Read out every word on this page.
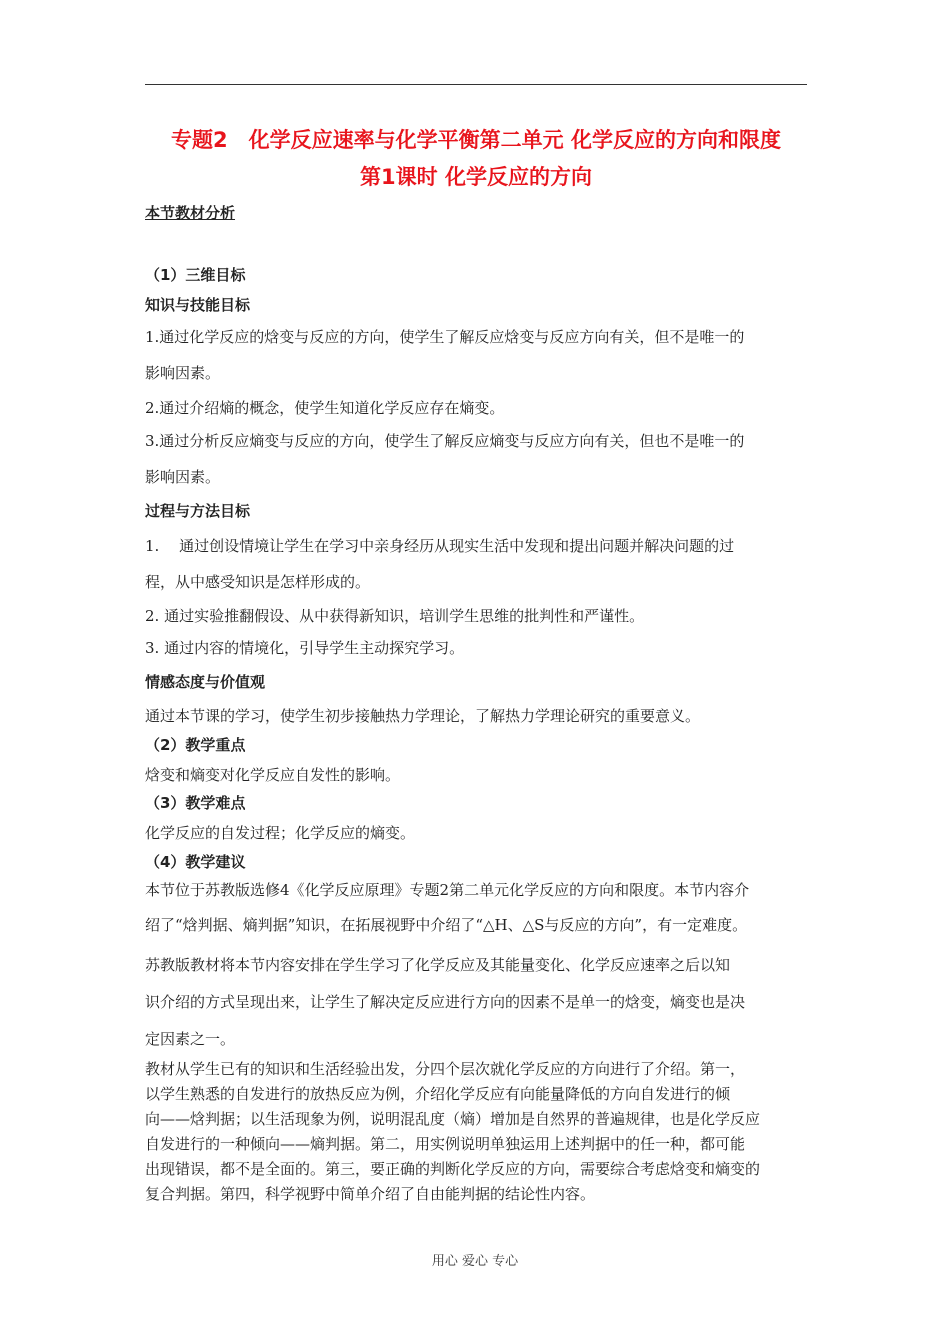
专题2　化学反应速率与化学平衡第二单元 化学反应的方向和限度
第1课时 化学反应的方向
本节教材分析
（1）三维目标
知识与技能目标
1.通过化学反应的焓变与反应的方向，使学生了解反应焓变与反应方向有关，但不是唯一的
影响因素。
2.通过介绍熵的概念，使学生知道化学反应存在熵变。
3.通过分析反应熵变与反应的方向，使学生了解反应熵变与反应方向有关，但也不是唯一的
影响因素。
过程与方法目标
1.　 通过创设情境让学生在学习中亲身经历从现实生活中发现和提出问题并解决问题的过
程，从中感受知识是怎样形成的。
2. 通过实验推翻假设、从中获得新知识，培训学生思维的批判性和严谨性。
3. 通过内容的情境化，引导学生主动探究学习。
情感态度与价值观
通过本节课的学习，使学生初步接触热力学理论，了解热力学理论研究的重要意义。
（2）教学重点
焓变和熵变对化学反应自发性的影响。
（3）教学难点
化学反应的自发过程；化学反应的熵变。
（4）教学建议
本节位于苏教版选修4《化学反应原理》专题2第二单元化学反应的方向和限度。本节内容介
绍了“焓判据、熵判据”知识，在拓展视野中介绍了“△H、△S与反应的方向”，有一定难度。
苏教版教材将本节内容安排在学生学习了化学反应及其能量变化、化学反应速率之后以知
识介绍的方式呈现出来，让学生了解决定反应进行方向的因素不是单一的焓变，熵变也是决
定因素之一。
教材从学生已有的知识和生活经验出发，分四个层次就化学反应的方向进行了介绍。第一，
以学生熟悉的自发进行的放热反应为例，介绍化学反应有向能量降低的方向自发进行的倾
向——焓判据；以生活现象为例，说明混乱度（熵）增加是自然界的普遍规律，也是化学反应
自发进行的一种倾向——熵判据。第二，用实例说明单独运用上述判据中的任一种，都可能
出现错误，都不是全面的。第三，要正确的判断化学反应的方向，需要综合考虑焓变和熵变的
复合判据。第四，科学视野中简单介绍了自由能判据的结论性内容。
用心 爱心 专心
